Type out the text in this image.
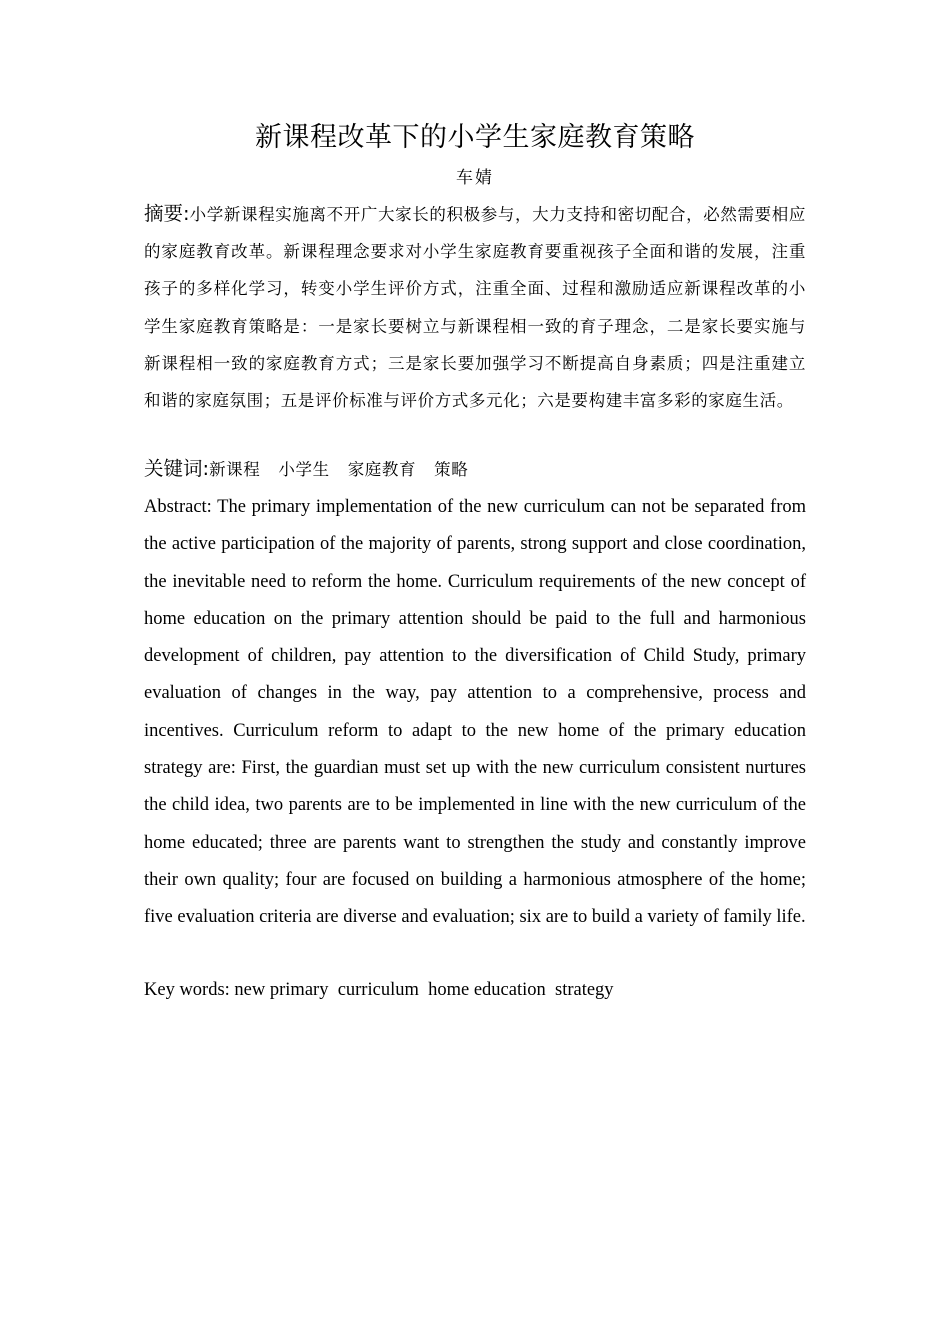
新课程改革下的小学生家庭教育策略
车婧
摘要:小学新课程实施离不开广大家长的积极参与，大力支持和密切配合，必然需要相应的家庭教育改革。新课程理念要求对小学生家庭教育要重视孩子全面和谐的发展，注重孩子的多样化学习，转变小学生评价方式，注重全面、过程和激励适应新课程改革的小学生家庭教育策略是：一是家长要树立与新课程相一致的育子理念，二是家长要实施与新课程相一致的家庭教育方式；三是家长要加强学习不断提高自身素质；四是注重建立和谐的家庭氛围；五是评价标准与评价方式多元化；六是要构建丰富多彩的家庭生活。
关键词:新课程 小学生 家庭教育 策略
Abstract: The primary implementation of the new curriculum can not be separated from the active participation of the majority of parents, strong support and close coordination, the inevitable need to reform the home. Curriculum requirements of the new concept of home education on the primary attention should be paid to the full and harmonious development of children, pay attention to the diversification of Child Study, primary evaluation of changes in the way, pay attention to a comprehensive, process and incentives. Curriculum reform to adapt to the new home of the primary education strategy are: First, the guardian must set up with the new curriculum consistent nurtures the child idea, two parents are to be implemented in line with the new curriculum of the home educated; three are parents want to strengthen the study and constantly improve their own quality; four are focused on building a harmonious atmosphere of the home; five evaluation criteria are diverse and evaluation; six are to build a variety of family life.
Key words: new primary  curriculum  home education  strategy
